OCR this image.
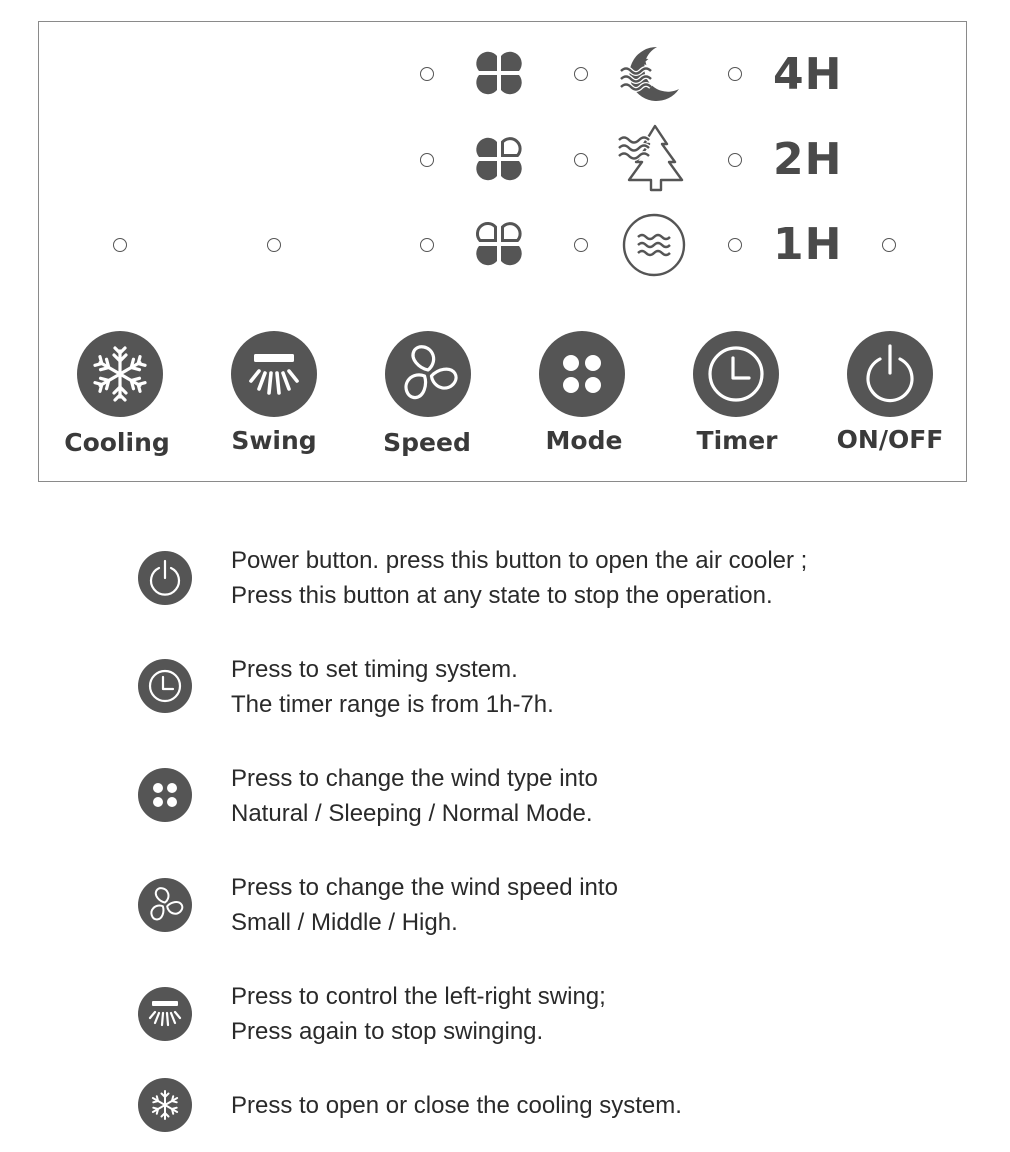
4H
2H
1H
Cooling	Swing	Speed	Mode	Timer	ON/OFF
Power button. press this button to open the air cooler ;
Press this button at any state to stop the operation.
Press to set timing system.
The timer range is from 1h-7h.
Press to change the wind type into
Natural / Sleeping / Normal Mode.
Press to change the wind speed into
Small / Middle / High.
Press to control the left-right swing;
Press again to stop swinging.
Press to open or close the cooling system.
